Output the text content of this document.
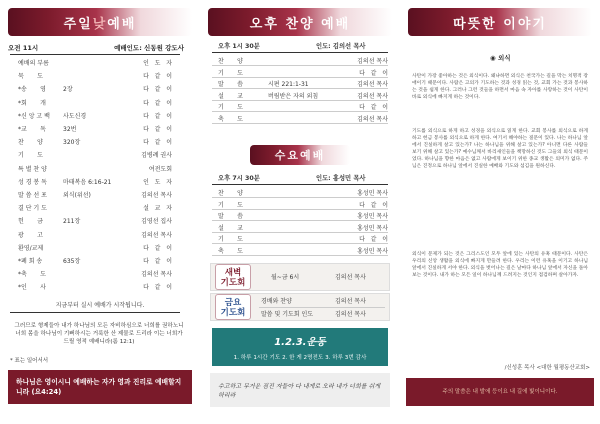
주 일 낮 예 배
오전 11시	예배인도: 신동원 강도사
예배의 부름	인   도   자
묵       도	다   같   이
*송       영	2장	다   같   이
*회       개	다   같   이
*신 앙 고 백 사도신경	다   같   이
*교       독	32번	다   같   이
찬       양	320장	다   같   이
기       도	김병례 권사
특 별 찬 양	여전도회
성 경 봉 독	마태복음 6:16-21	인   도   자
말 씀 선 포	외식(위선)	김의선 목사
결 단 기 도	설   교   자
헌       금	211장	김영선 집사
광       고	김의선 목사
환영/교제	다   같   이
*폐 회 송	635장	다   같   이
*축       도	김의선 목사
*인       사	다   같   이
지금부터 실시 예배가 시작됩니다.
그러므로 형제들아 내가 하나님의 모든 자비하심으로 너희를 권하노니 너희 몸을 하나님이 기뻐하시는 거룩한 산 제물로 드리라 이는 너희가 드릴 영적 예배니라(롬 12:1)
* 표는 일어서서
하나님은 영이시니 예배하는 자가 영과 진리로 예배할지니라 (요4:24)
오후 찬양 예배
오후 1시 30분	인도: 김의선 목사
찬       양	김의선 목사
기       도	다   같   이
말       씀	시편 221:1-31	김의선 목사
설       교	버림받은 자의 외침	김의선 목사
기       도	다   같   이
축       도	김의선 목사
수요예배
오후 7시 30분	인도: 홍성민 목사
찬       양	홍성민 목사
기       도	다   같   이
말       씀	홍성민 목사
설       교	홍성민 목사
기       도	다   같   이
축       도	홍성민 목사
새벽
기도회
월~금 6시	김의선 목사
금요
기도회
경배와 찬양	김의선 목사
말씀 및 기도회 인도	김의선 목사
1.2.3.운동
1. 하루 1시간 기도 2. 한 게 2명전도 3. 하루 3번 감사
수고하고 무거운 짐진 자들아 다 내게로 오라 내가 너희를 쉬게 하리라
따뜻한 이야기
◉ 외식
사탄이 가장 좋아하는 것은 외식이다. 왜냐하면 외식은 천국가는 길을 막는 치명적 장애이기 때문이다. 사람은 고의가 기도하는 것과 성경 읽는 것, 교회 가는 것과 봉사하는 것을 쉽게 한다. 그러나 그런 것들을 하면서 마음 속 자아를 사랑하는 것이 사탄이 바로 외식에 빠지게 하는 것이다.
기도를 외식으로 하게 하고 성경을 외식으로 읽게 한다. 교회 봉사를 외식으로 하게 하고 헌금 봉사를 외식으로 하게 한다. 여기서 해야하는 질문이 있다. 나는 하나님 앞에서 진실하게 살고 있는가? 나는 하나님을 위해 살고 있는가? 아니면 다른 사람들 보기 위해 살고 있는가? 예수님께서 바리새인들을 책망하신 것도 그들의 외식 때문이었다. 하나님을 향한 마음은 없고 사람에게 보이기 위한 종교 생활은 의미가 없다. 주님은 진정으로 하나님 앞에서 진실한 예배와 기도와 섬김을 원하신다.
외식이 문제가 되는 것은 그리스도인 모두 앞에 있는 사탄의 유혹 때문이다. 사탄은 우리의 신앙 생활을 외식에 빠지게 만들려 한다. 우리는 이런 유혹을 이기고 하나님 앞에서 진실하게 서야 한다. 외식을 벗어나는 길은 날마다 하나님 앞에서 자신을 돌아보는 것이다. 내가 하는 모든 일이 하나님께 드려지는 것인지 점검하며 살아가자.
/신성훈 목사 <대한 월평동산교회>
주의 말씀은 내 발에 등이요 내 길에 빛이니이다.
